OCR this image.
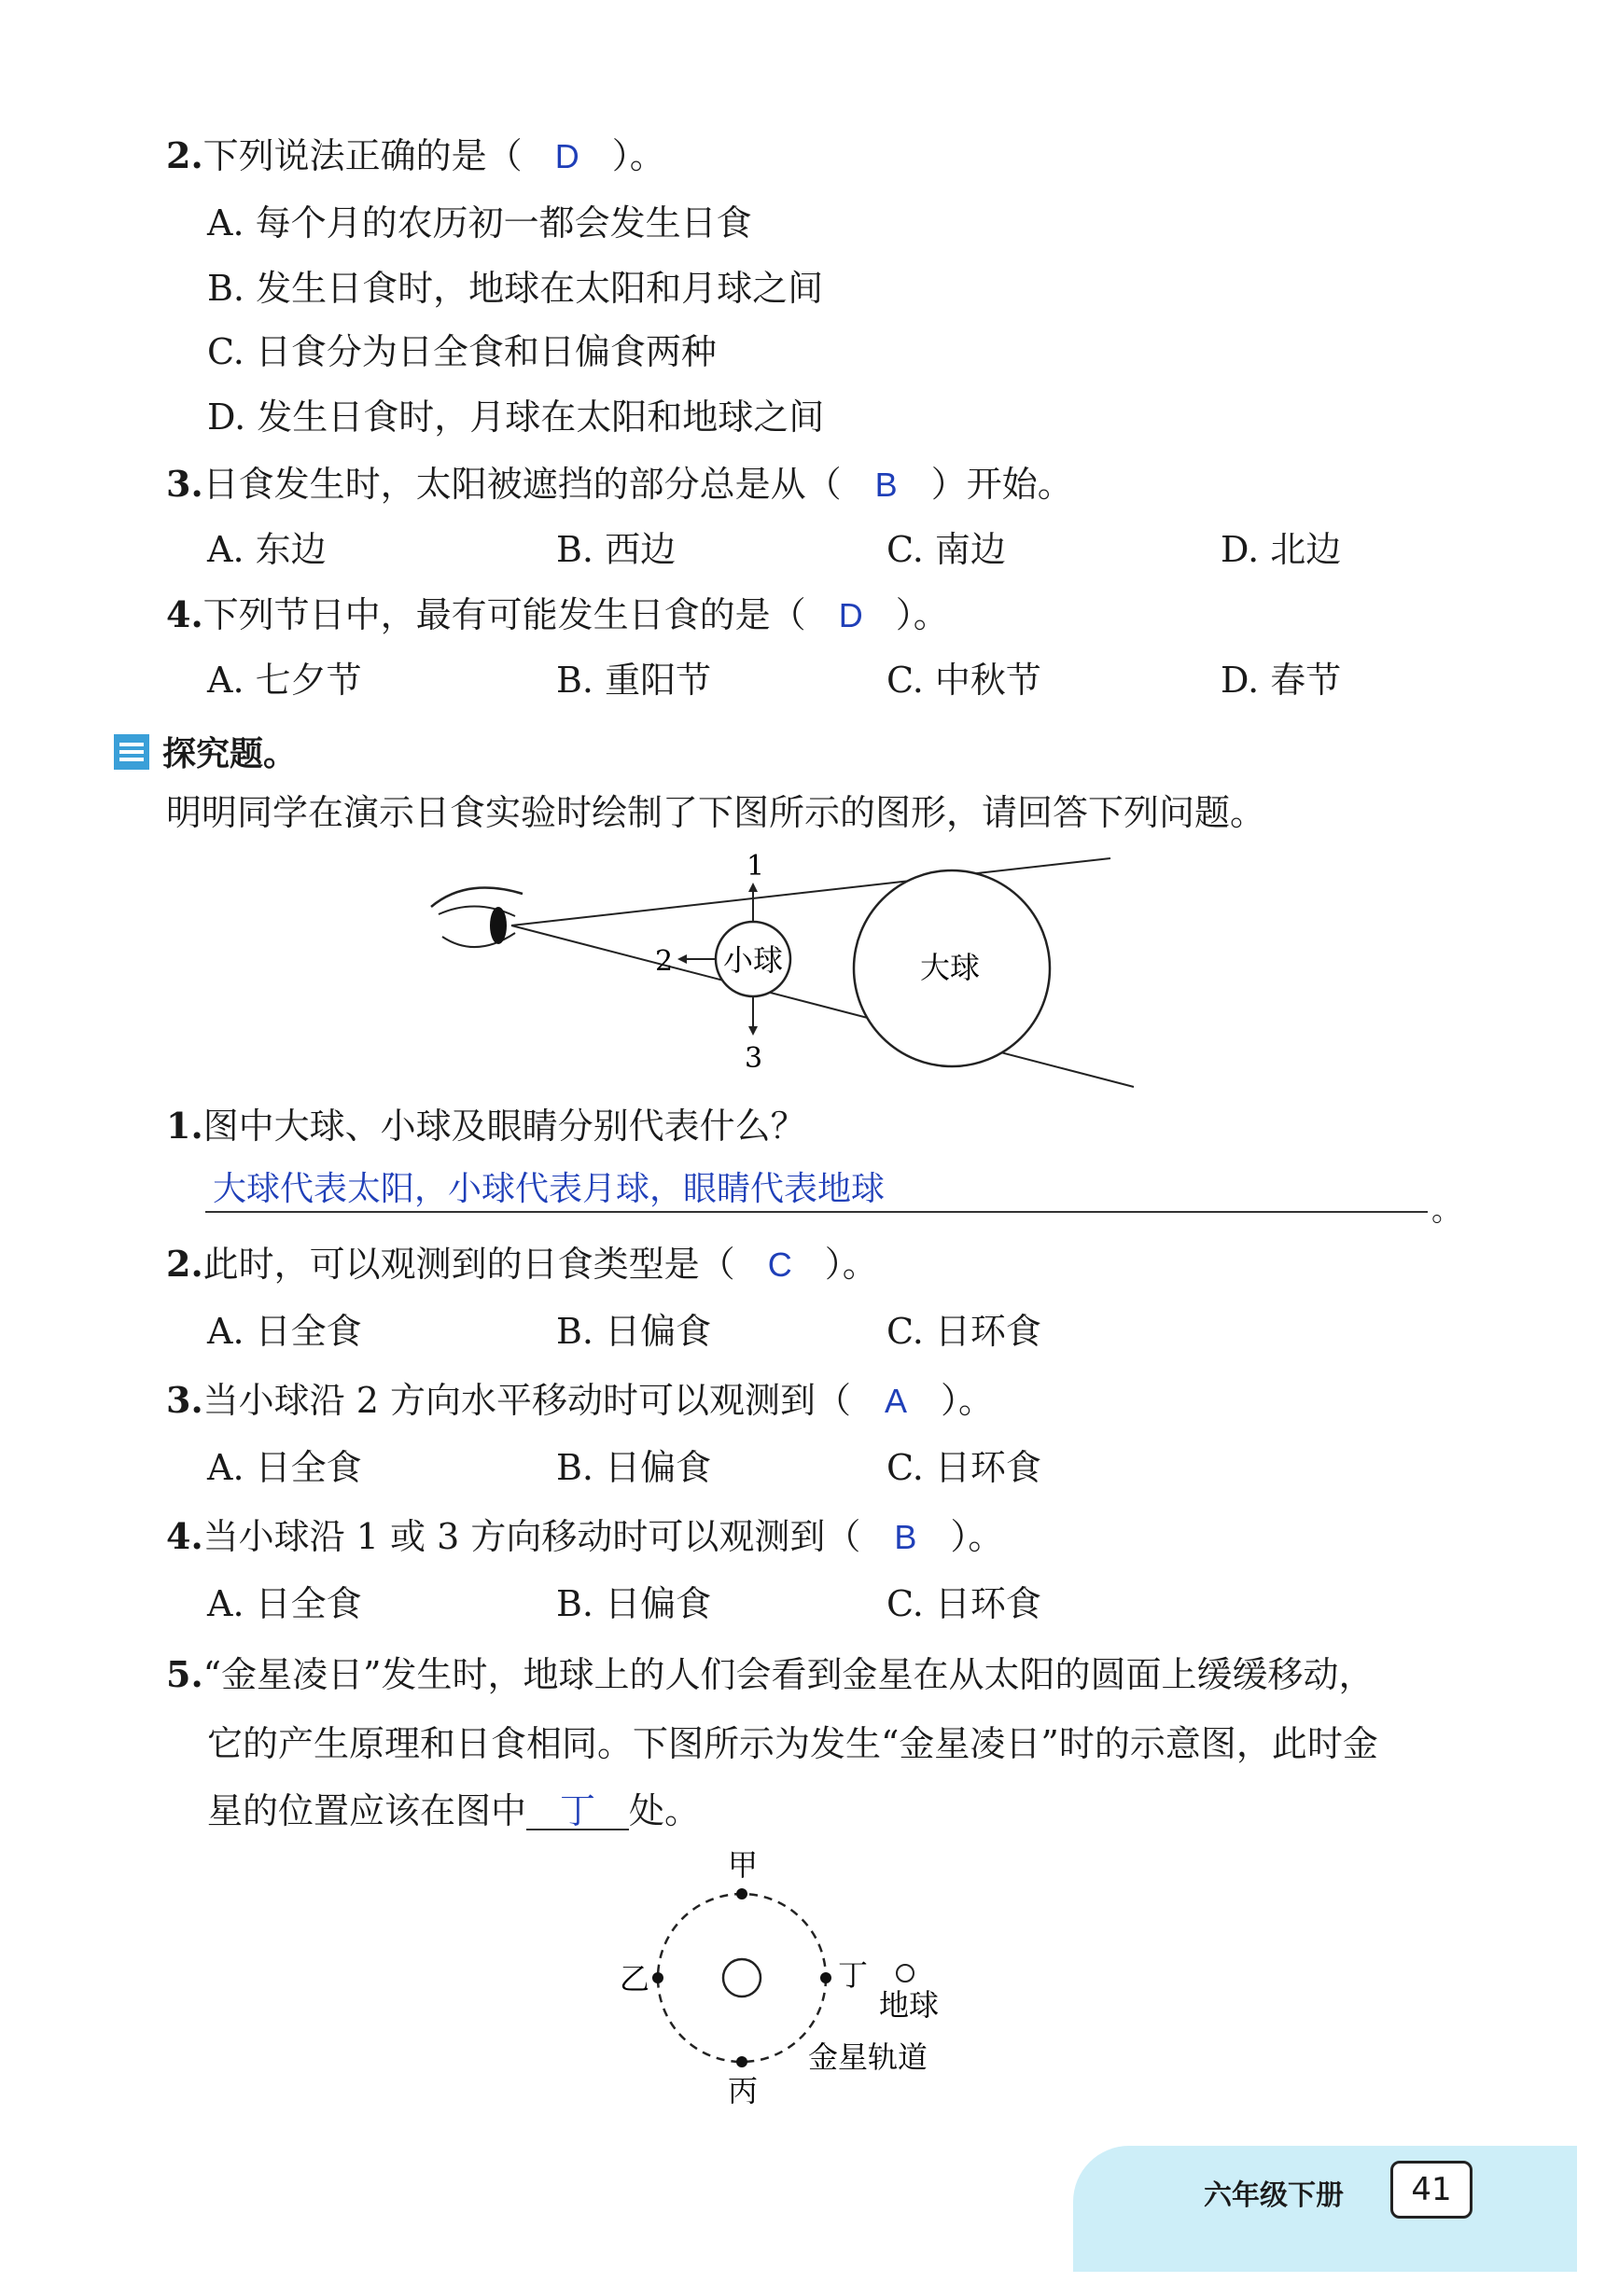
2.下列说法正确的是（ D ）。
A. 每个月的农历初一都会发生日食
B. 发生日食时，地球在太阳和月球之间
C. 日食分为日全食和日偏食两种
D. 发生日食时，月球在太阳和地球之间
3.日食发生时，太阳被遮挡的部分总是从（ B ）开始。
A. 东边	B. 西边	C. 南边	D. 北边
4.下列节日中，最有可能发生日食的是（ D ）。
A. 七夕节	B. 重阳节	C. 中秋节	D. 春节
探究题。
明明同学在演示日食实验时绘制了下图所示的图形，请回答下列问题。
小球
1
2
3
大球
1.图中大球、小球及眼睛分别代表什么？
大球代表太阳，小球代表月球，眼睛代表地球
。
2.此时，可以观测到的日食类型是（ C ）。
A. 日全食	B. 日偏食	C. 日环食
3.当小球沿 2 方向水平移动时可以观测到（ A ）。
A. 日全食	B. 日偏食	C. 日环食
4.当小球沿 1 或 3 方向移动时可以观测到（ B ）。
A. 日全食	B. 日偏食	C. 日环食
5.“金星凌日”发生时，地球上的人们会看到金星在从太阳的圆面上缓缓移动，
它的产生原理和日食相同。下图所示为发生“金星凌日”时的示意图，此时金
星的位置应该在图中 丁 处。
甲
乙
丙
丁
地球
金星轨道
六年级下册	41
